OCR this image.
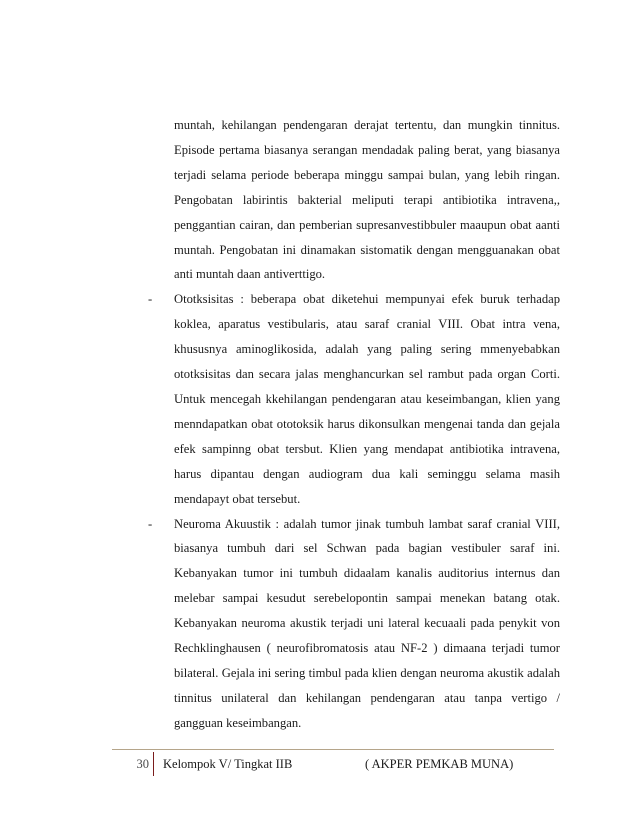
muntah, kehilangan pendengaran derajat tertentu, dan mungkin tinnitus. Episode pertama biasanya serangan mendadak paling berat, yang biasanya terjadi selama periode beberapa minggu sampai bulan, yang lebih ringan. Pengobatan labirintis bakterial meliputi terapi antibiotika intravena,, penggantian cairan, dan pemberian supresanvestibbuler maaupun obat aanti muntah. Pengobatan ini dinamakan sistomatik dengan mengguanakan obat anti muntah daan antiverttigo.
- Ototksisitas : beberapa obat diketehui mempunyai efek buruk terhadap koklea, aparatus vestibularis, atau saraf cranial VIII. Obat intra vena, khususnya aminoglikosida, adalah yang paling sering mmenyebabkan ototksisitas dan secara jalas menghancurkan sel rambut pada organ Corti. Untuk mencegah kkehilangan pendengaran atau keseimbangan, klien yang menndapatkan obat ototoksik harus dikonsulkan mengenai tanda dan gejala efek sampinng obat tersbut. Klien yang mendapat antibiotika intravena, harus dipantau dengan audiogram dua kali seminggu selama masih mendapayt obat tersebut.
- Neuroma Akuustik : adalah tumor jinak tumbuh lambat saraf cranial VIII, biasanya tumbuh dari sel Schwan pada bagian vestibuler saraf ini. Kebanyakan tumor ini tumbuh didaalam kanalis auditorius internus dan melebar sampai kesudut serebelopontin sampai menekan batang otak. Kebanyakan neuroma akustik terjadi uni lateral kecuaali pada penykit von Rechklinghausen ( neurofibromatosis atau NF-2 ) dimaana terjadi tumor bilateral. Gejala ini sering timbul pada klien dengan neuroma akustik adalah tinnitus unilateral dan kehilangan pendengaran atau tanpa vertigo / gangguan keseimbangan.
30	Kelompok V/ Tingkat IIB	( AKPER PEMKAB MUNA)
